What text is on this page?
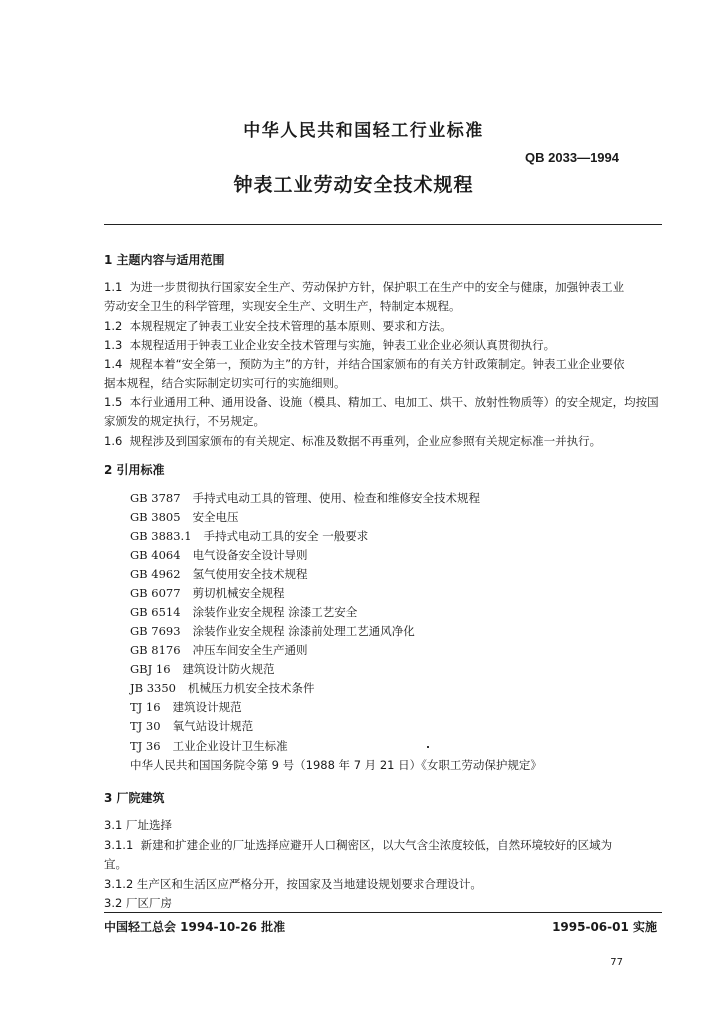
中华人民共和国轻工行业标准
QB 2033—1994
钟表工业劳动安全技术规程
1 主题内容与适用范围
1.1 为进一步贯彻执行国家安全生产、劳动保护方针，保护职工在生产中的安全与健康，加强钟表工业
劳动安全卫生的科学管理，实现安全生产、文明生产，特制定本规程。
1.2 本规程规定了钟表工业安全技术管理的基本原则、要求和方法。
1.3 本规程适用于钟表工业企业安全技术管理与实施，钟表工业企业必须认真贯彻执行。
1.4 规程本着“安全第一，预防为主”的方针，并结合国家颁布的有关方针政策制定。钟表工业企业要依
据本规程，结合实际制定切实可行的实施细则。
1.5 本行业通用工种、通用设备、设施（模具、精加工、电加工、烘干、放射性物质等）的安全规定，均按国
家颁发的规定执行，不另规定。
1.6 规程涉及到国家颁布的有关规定、标准及数据不再重列，企业应参照有关规定标准一并执行。
2 引用标准
GB 3787 手持式电动工具的管理、使用、检查和维修安全技术规程
GB 3805 安全电压
GB 3883.1 手持式电动工具的安全 一般要求
GB 4064 电气设备安全设计导则
GB 4962 氢气使用安全技术规程
GB 6077 剪切机械安全规程
GB 6514 涂装作业安全规程 涂漆工艺安全
GB 7693 涂装作业安全规程 涂漆前处理工艺通风净化
GB 8176 冲压车间安全生产通则
GBJ 16 建筑设计防火规范
JB 3350 机械压力机安全技术条件
TJ 16 建筑设计规范
TJ 30 氧气站设计规范
TJ 36 工业企业设计卫生标准
中华人民共和国国务院令第 9 号（1988 年 7 月 21 日）《女职工劳动保护规定》
3 厂院建筑
3.1 厂址选择
3.1.1 新建和扩建企业的厂址选择应避开人口稠密区，以大气含尘浓度较低，自然环境较好的区域为
宜。
3.1.2 生产区和生活区应严格分开，按国家及当地建设规划要求合理设计。
3.2 厂区厂房
中国轻工总会 1994-10-26 批准	1995-06-01 实施
77
